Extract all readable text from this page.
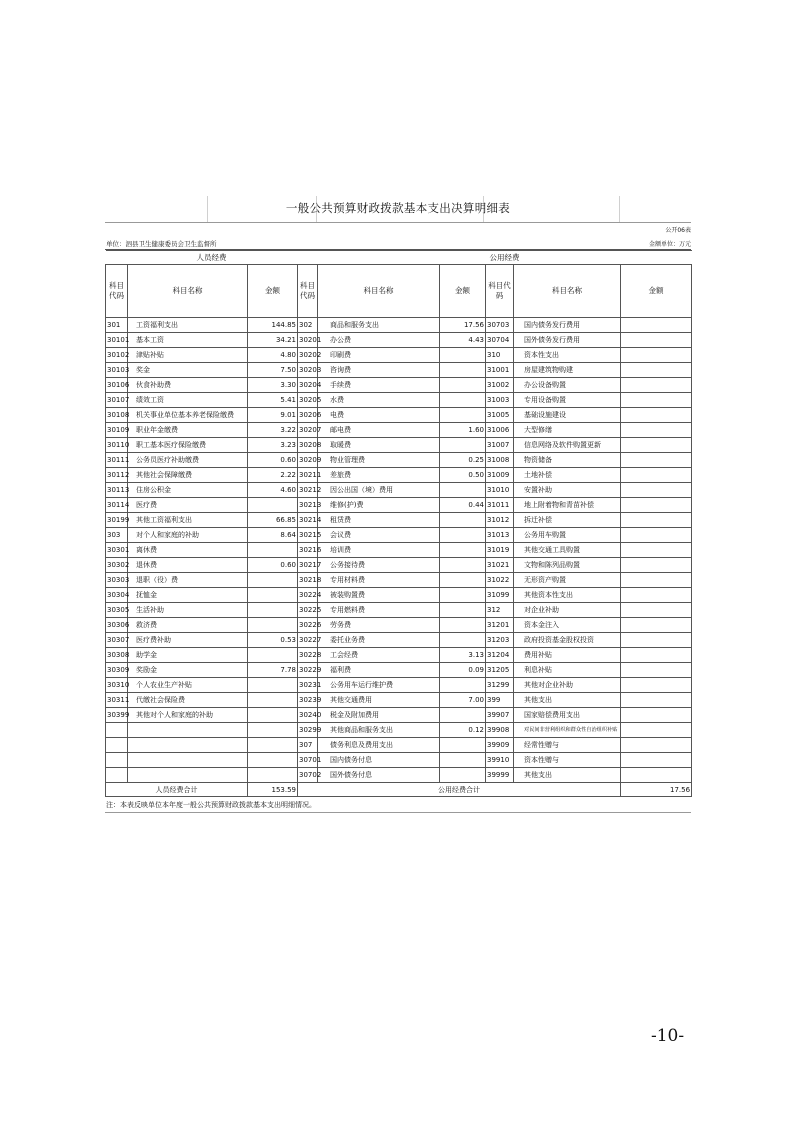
一般公共预算财政拨款基本支出决算明细表
公开06表
单位：泗县卫生健康委员会卫生监督所	金额单位：万元
人员经费				公用经费				
科目代码	科目名称	金额	科目代码	科目名称	金额	科目代码	科目名称	金额
301	工资福利支出	144.85	302	商品和服务支出	17.56	30703	国内债务发行费用	
30101	基本工资	34.21	30201	办公费	4.43	30704	国外债务发行费用	
30102	津贴补贴	4.80	30202	印刷费		310	资本性支出	
30103	奖金	7.50	30203	咨询费		31001	房屋建筑物购建	
30106	伙食补助费	3.30	30204	手续费		31002	办公设备购置	
30107	绩效工资	5.41	30205	水费		31003	专用设备购置	
30108	机关事业单位基本养老保险缴费	9.01	30206	电费		31005	基础设施建设	
30109	职业年金缴费	3.22	30207	邮电费	1.60	31006	大型修缮	
30110	职工基本医疗保险缴费	3.23	30208	取暖费		31007	信息网络及软件购置更新	
30111	公务员医疗补助缴费	0.60	30209	物业管理费	0.25	31008	物资储备	
30112	其他社会保障缴费	2.22	30211	差旅费	0.50	31009	土地补偿	
30113	住房公积金	4.60	30212	因公出国（境）费用		31010	安置补助	
30114	医疗费		30213	维修(护)费	0.44	31011	地上附着物和青苗补偿	
30199	其他工资福利支出	66.85	30214	租赁费		31012	拆迁补偿	
303	对个人和家庭的补助	8.64	30215	会议费		31013	公务用车购置	
30301	离休费		30216	培训费		31019	其他交通工具购置	
30302	退休费	0.60	30217	公务接待费		31021	文物和陈列品购置	
30303	退职（役）费		30218	专用材料费		31022	无形资产购置	
30304	抚恤金		30224	被装购置费		31099	其他资本性支出	
30305	生活补助		30225	专用燃料费		312	对企业补助	
30306	救济费		30226	劳务费		31201	资本金注入	
30307	医疗费补助	0.53	30227	委托业务费		31203	政府投资基金股权投资	
30308	助学金		30228	工会经费	3.13	31204	费用补贴	
30309	奖励金	7.78	30229	福利费	0.09	31205	利息补贴	
30310	个人农业生产补贴		30231	公务用车运行维护费		31299	其他对企业补助	
30311	代缴社会保险费		30239	其他交通费用	7.00	399	其他支出	
30399	其他对个人和家庭的补助		30240	税金及附加费用		39907	国家赔偿费用支出	
			30299	其他商品和服务支出	0.12	39908	对民间非营利组织和群众性自治组织补贴	
			307	债务利息及费用支出		39909	经常性赠与	
			30701	国内债务付息		39910	资本性赠与	
			30702	国外债务付息		39999	其他支出	
人员经费合计		153.59	公用经费合计					17.56
注：本表反映单位本年度一般公共预算财政拨款基本支出明细情况。
-10-
